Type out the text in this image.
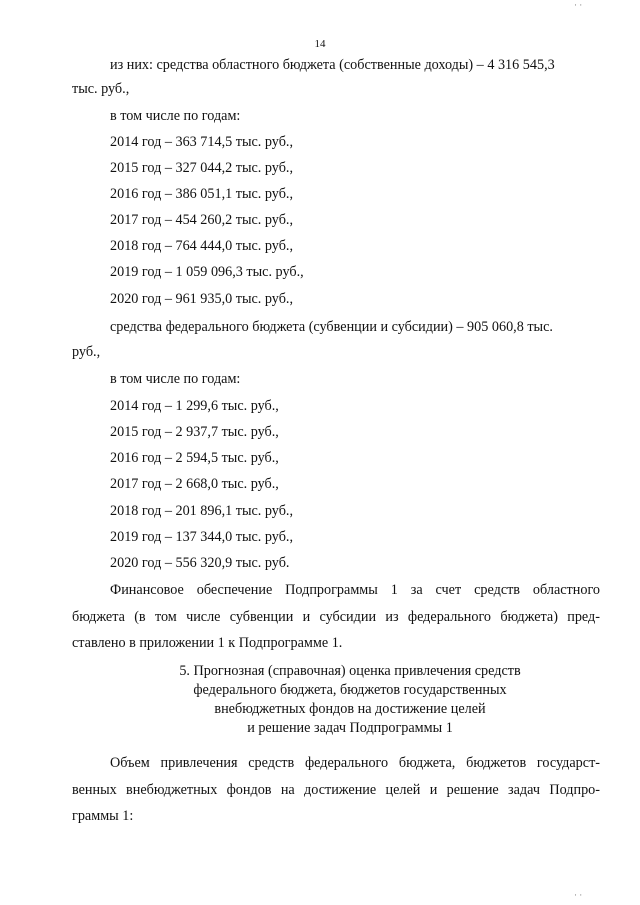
· ·
14
из них: средства областного бюджета (собственные доходы) – 4 316 545,3
тыс. руб.,
в том числе по годам:
2014 год – 363 714,5 тыс. руб.,
2015 год – 327 044,2 тыс. руб.,
2016 год – 386 051,1 тыс. руб.,
2017 год – 454 260,2 тыс. руб.,
2018 год – 764 444,0 тыс. руб.,
2019 год – 1 059 096,3 тыс. руб.,
2020 год – 961 935,0 тыс. руб.,
средства федерального бюджета (субвенции и субсидии) – 905 060,8 тыс.
руб.,
в том числе по годам:
2014 год – 1 299,6 тыс. руб.,
2015 год – 2 937,7 тыс. руб.,
2016 год – 2 594,5 тыс. руб.,
2017 год – 2 668,0 тыс. руб.,
2018 год – 201 896,1 тыс. руб.,
2019 год – 137 344,0 тыс. руб.,
2020 год – 556 320,9 тыс. руб.
Финансовое обеспечение Подпрограммы 1 за счет средств областного
бюджета (в том числе субвенции и субсидии из федерального бюджета) пред-
ставлено в приложении 1 к Подпрограмме 1.
5. Прогнозная (справочная) оценка привлечения средств
федерального бюджета, бюджетов государственных
внебюджетных фондов на достижение целей
и решение задач Подпрограммы 1
Объем привлечения средств федерального бюджета, бюджетов государст-
венных внебюджетных фондов на достижение целей и решение задач Подпро-
граммы 1:
· ·
